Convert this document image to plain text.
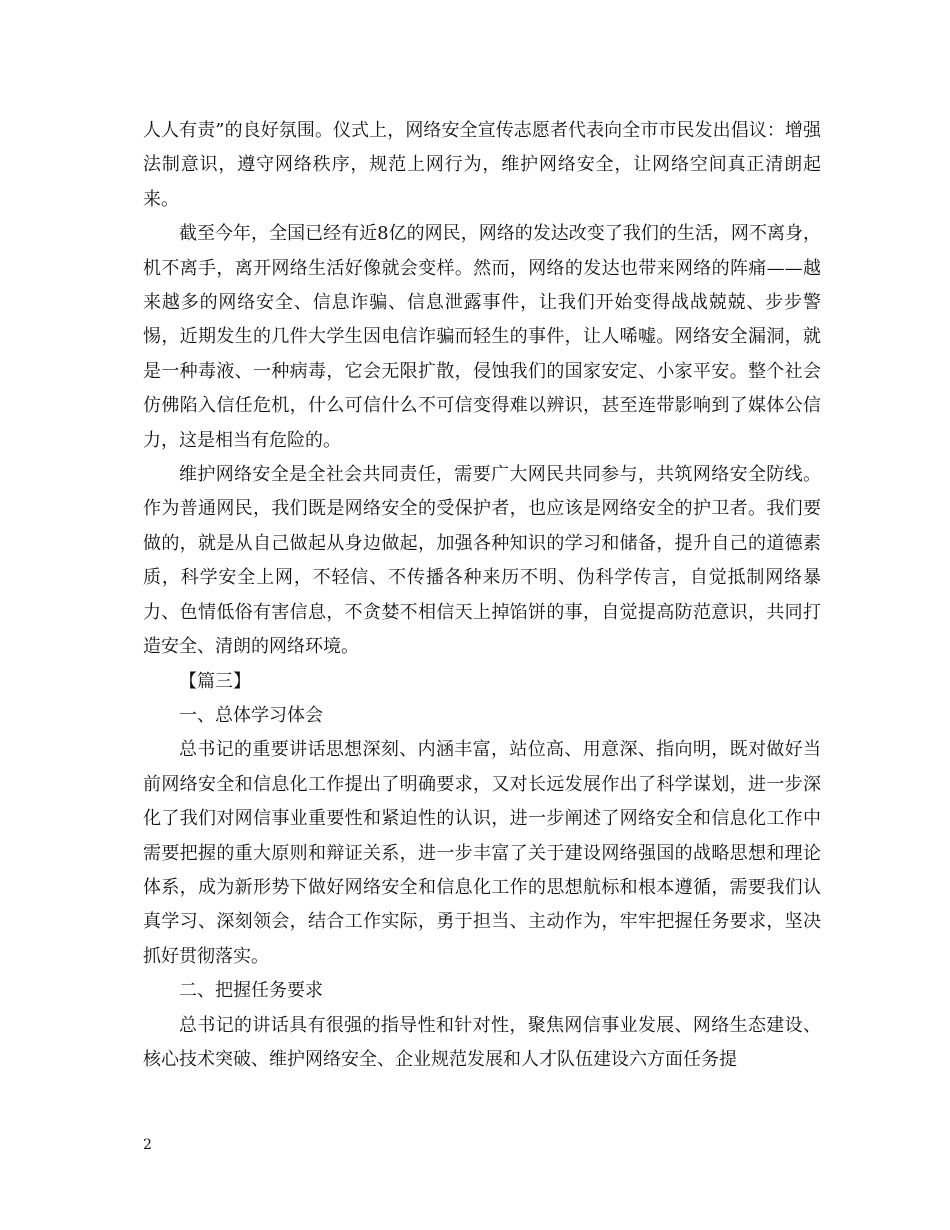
人人有责”的良好氛围。仪式上，网络安全宣传志愿者代表向全市市民发出倡议：增强法制意识，遵守网络秩序，规范上网行为，维护网络安全，让网络空间真正清朗起来。

截至今年，全国已经有近8亿的网民，网络的发达改变了我们的生活，网不离身，机不离手，离开网络生活好像就会变样。然而，网络的发达也带来网络的阵痛——越来越多的网络安全、信息诈骗、信息泄露事件，让我们开始变得战战兢兢、步步警惕，近期发生的几件大学生因电信诈骗而轻生的事件，让人唏嘘。网络安全漏洞，就是一种毒液、一种病毒，它会无限扩散，侵蚀我们的国家安定、小家平安。整个社会仿佛陷入信任危机，什么可信什么不可信变得难以辨识，甚至连带影响到了媒体公信力，这是相当有危险的。

维护网络安全是全社会共同责任，需要广大网民共同参与，共筑网络安全防线。作为普通网民，我们既是网络安全的受保护者，也应该是网络安全的护卫者。我们要做的，就是从自己做起从身边做起，加强各种知识的学习和储备，提升自己的道德素质，科学安全上网，不轻信、不传播各种来历不明、伪科学传言，自觉抵制网络暴力、色情低俗有害信息，不贪婪不相信天上掉馅饼的事，自觉提高防范意识，共同打造安全、清朗的网络环境。

【篇三】

一、总体学习体会

总书记的重要讲话思想深刻、内涵丰富，站位高、用意深、指向明，既对做好当前网络安全和信息化工作提出了明确要求，又对长远发展作出了科学谋划，进一步深化了我们对网信事业重要性和紧迫性的认识，进一步阐述了网络安全和信息化工作中需要把握的重大原则和辩证关系，进一步丰富了关于建设网络强国的战略思想和理论体系，成为新形势下做好网络安全和信息化工作的思想航标和根本遵循，需要我们认真学习、深刻领会，结合工作实际，勇于担当、主动作为，牢牢把握任务要求，坚决抓好贯彻落实。

二、把握任务要求

总书记的讲话具有很强的指导性和针对性，聚焦网信事业发展、网络生态建设、核心技术突破、维护网络安全、企业规范发展和人才队伍建设六方面任务提

2
